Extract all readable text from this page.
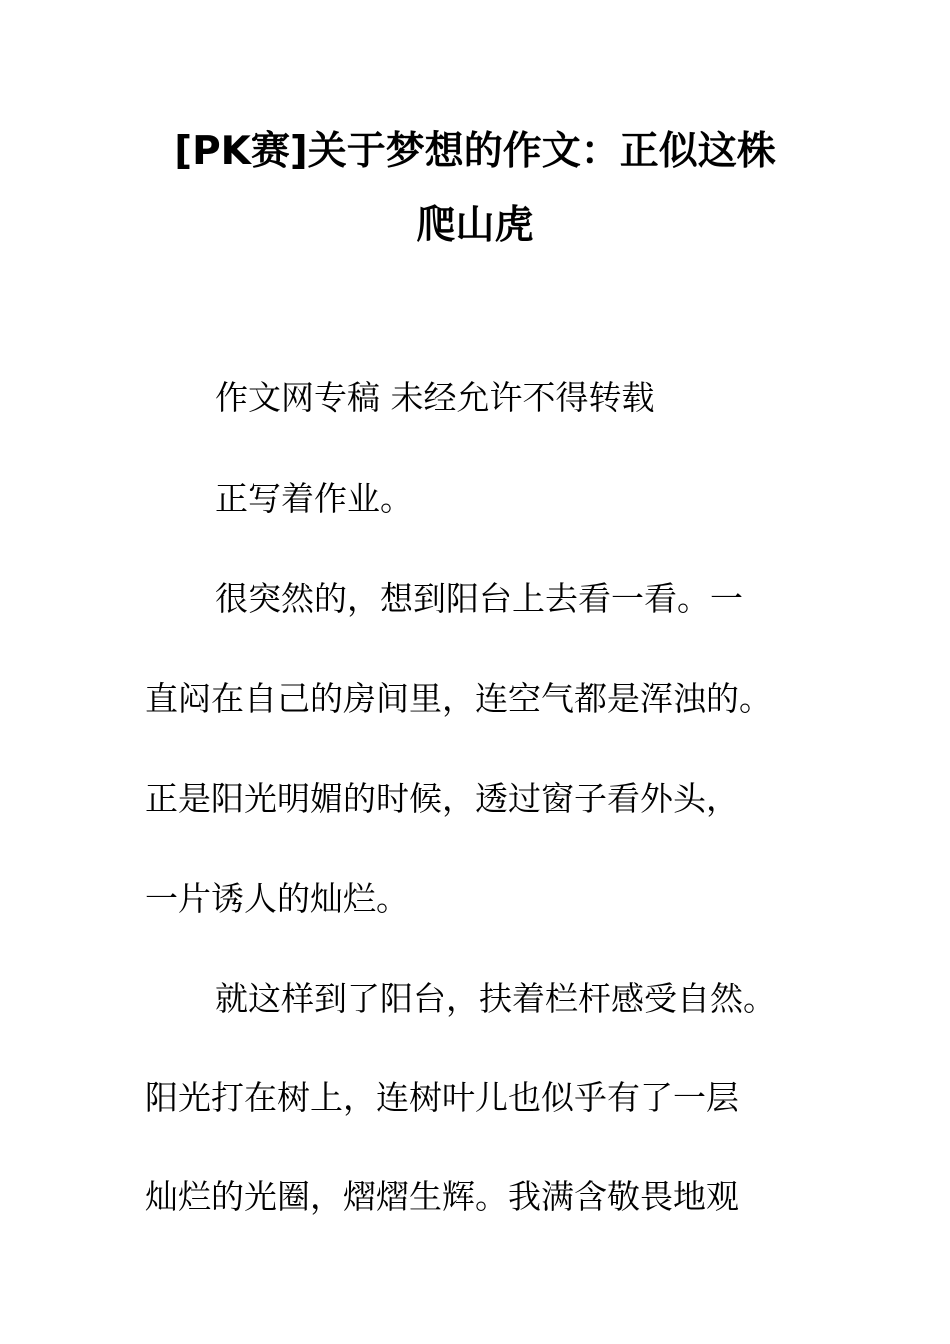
[PK赛]关于梦想的作文：正似这株
爬山虎

作文网专稿 未经允许不得转载

正写着作业。

很突然的，想到阳台上去看一看。一

直闷在自己的房间里，连空气都是浑浊的。

正是阳光明媚的时候，透过窗子看外头，

一片诱人的灿烂。

就这样到了阳台，扶着栏杆感受自然。

阳光打在树上，连树叶儿也似乎有了一层

灿烂的光圈，熠熠生辉。我满含敬畏地观
